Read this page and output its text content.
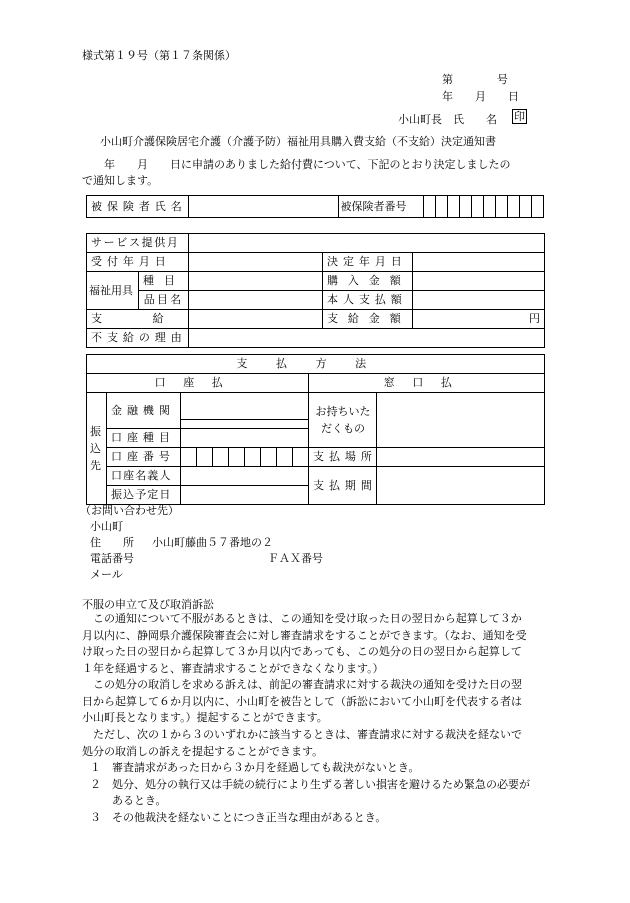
様式第１９号（第１７条関係）
第　　　　号
年　　月　　日
小山町長　氏　　名 印
小山町介護保険居宅介護（介護予防）福祉用具購入費支給（不支給）決定通知書
　　年　　月　　日に申請のありました給付費について、下記のとおり決定しましたの
で通知します。
被保険者氏名		被保険者番号										
サービス提供月				
受付年月日			決定年月日	
福祉用具	種目		購入金額	
	品目名		本人支払額	
支給			支給金額	円
不支給の理由				
支払方法											
口座払										窓口払	

振込先	金融機関									お持ちいただくもの	
	口座種目										
	口座番号									支払場所	
	口座名義人									支払期間	
	振込予定日										
（お問い合わせ先）
小山町
住　　所 小山町藤曲５７番地の２
電話番号	ＦＡＸ番号
メール
不服の申立て及び取消訴訟
　この通知について不服があるときは、この通知を受け取った日の翌日から起算して３か
月以内に、静岡県介護保険審査会に対し審査請求をすることができます。（なお、通知を受
け取った日の翌日から起算して３か月以内であっても、この処分の日の翌日から起算して
１年を経過すると、審査請求することができなくなります。）
　この処分の取消しを求める訴えは、前記の審査請求に対する裁決の通知を受けた日の翌
日から起算して６か月以内に、小山町を被告として（訴訟において小山町を代表する者は
小山町長となります。）提起することができます。
　ただし、次の１から３のいずれかに該当するときは、審査請求に対する裁決を経ないで
処分の取消しの訴えを提起することができます。
１　審査請求があった日から３か月を経過しても裁決がないとき。
２　処分、処分の執行又は手続の続行により生ずる著しい損害を避けるため緊急の必要が
　　あるとき。
３　その他裁決を経ないことにつき正当な理由があるとき。
